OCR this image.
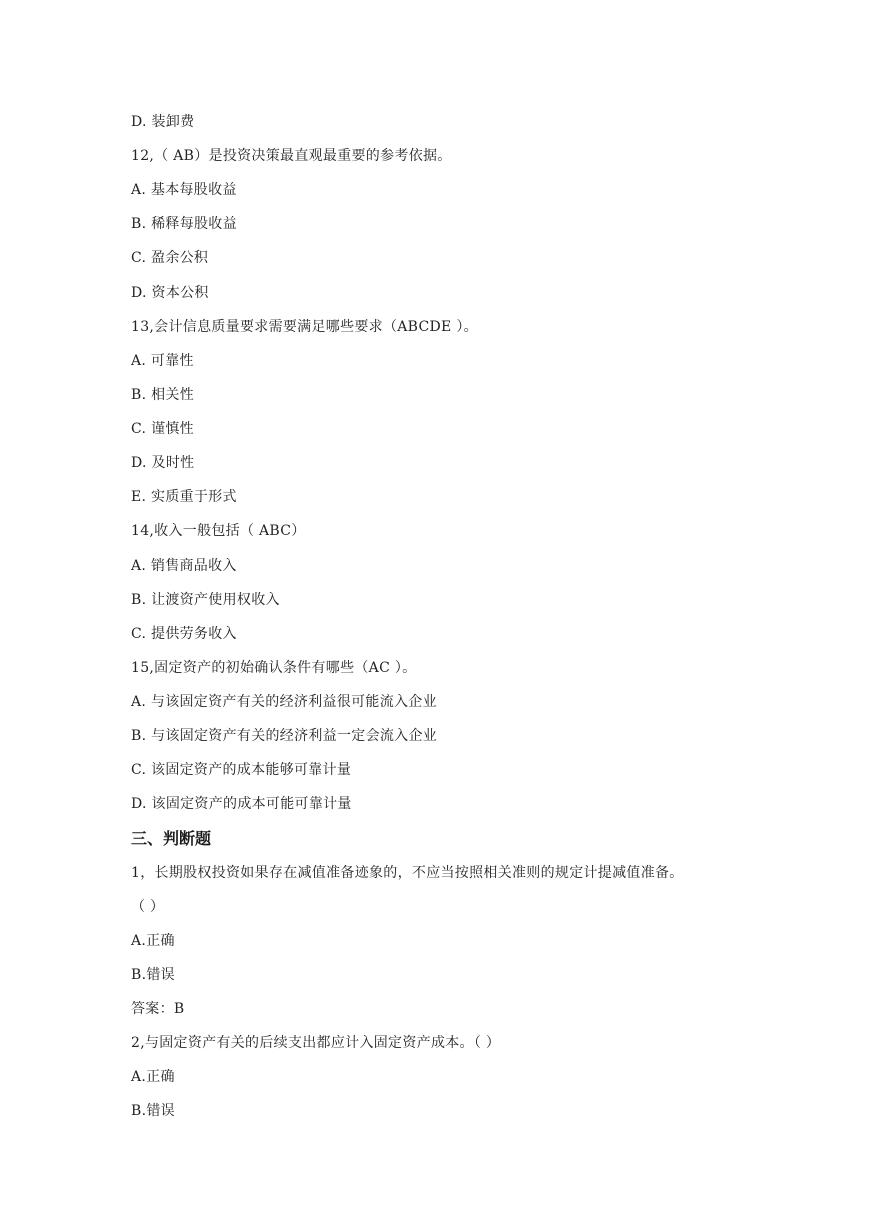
D. 装卸费
12,（ AB）是投资决策最直观最重要的参考依据。
A. 基本每股收益
B. 稀释每股收益
C. 盈余公积
D. 资本公积
13,会计信息质量要求需要满足哪些要求（ABCDE ）。
A. 可靠性
B. 相关性
C. 谨慎性
D. 及时性
E. 实质重于形式
14,收入一般包括（ ABC）
A. 销售商品收入
B. 让渡资产使用权收入
C. 提供劳务收入
15,固定资产的初始确认条件有哪些（AC ）。
A. 与该固定资产有关的经济利益很可能流入企业
B. 与该固定资产有关的经济利益一定会流入企业
C. 该固定资产的成本能够可靠计量
D. 该固定资产的成本可能可靠计量
三、判断题
1，长期股权投资如果存在减值准备迹象的，不应当按照相关准则的规定计提减值准备。
（ ）
A.正确
B.错误
答案：B
2,与固定资产有关的后续支出都应计入固定资产成本。（ ）
A.正确
B.错误
